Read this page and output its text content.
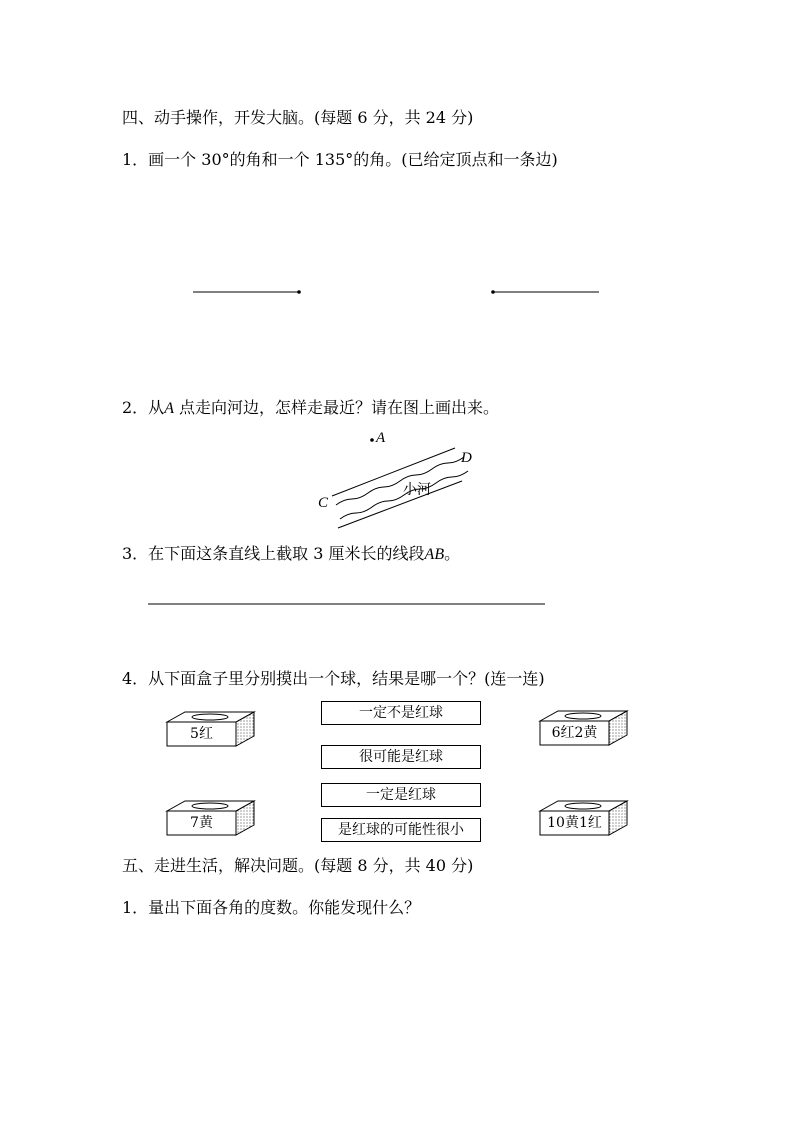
四、动手操作，开发大脑。(每题 6 分，共 24 分)
1．画一个 30°的角和一个 135°的角。(已给定顶点和一条边)
2．从A 点走向河边，怎样走最近？请在图上画出来。
A
D
C
小河
3．在下面这条直线上截取 3 厘米长的线段AB。
4．从下面盒子里分别摸出一个球，结果是哪一个？(连一连)
5红	6红2黄
7黄	10黄1红
一定不是红球
很可能是红球
一定是红球
是红球的可能性很小
五、走进生活，解决问题。(每题 8 分，共 40 分)
1．量出下面各角的度数。你能发现什么？
